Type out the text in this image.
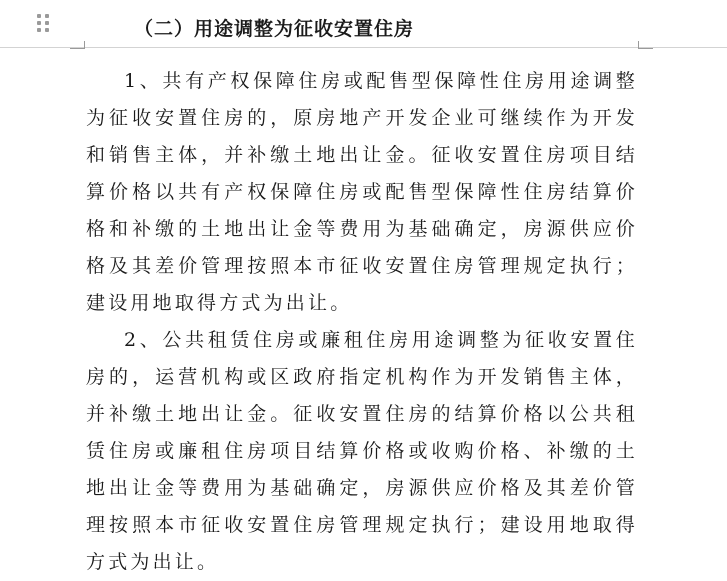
（二）用途调整为征收安置住房

1、共有产权保障住房或配售型保障性住房用途调整为征收安置住房的，原房地产开发企业可继续作为开发和销售主体，并补缴土地出让金。征收安置住房项目结算价格以共有产权保障住房或配售型保障性住房结算价格和补缴的土地出让金等费用为基础确定，房源供应价格及其差价管理按照本市征收安置住房管理规定执行；建设用地取得方式为出让。

2、公共租赁住房或廉租住房用途调整为征收安置住房的，运营机构或区政府指定机构作为开发销售主体，并补缴土地出让金。征收安置住房的结算价格以公共租赁住房或廉租住房项目结算价格或收购价格、补缴的土地出让金等费用为基础确定，房源供应价格及其差价管理按照本市征收安置住房管理规定执行；建设用地取得方式为出让。
